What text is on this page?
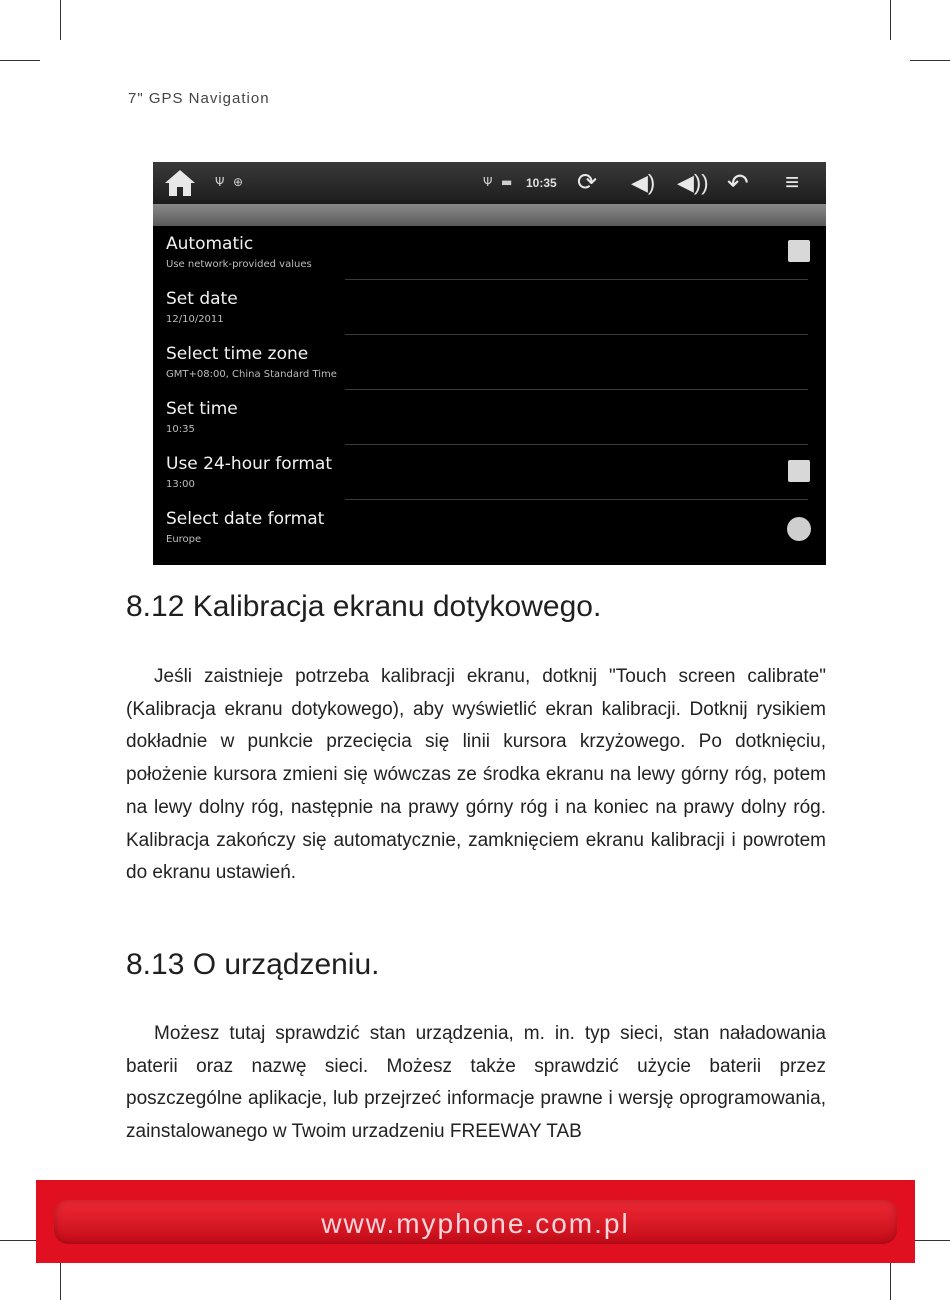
7" GPS Navigation
Ψ ⊕	Ψ ▬ 10:35 ⟳ ◀) ◀)) ↶ ≡
Automatic
Use network-provided values
Set date
12/10/2011
Select time zone
GMT+08:00, China Standard Time
Set time
10:35
Use 24-hour format
13:00
Select date format
Europe
8.12 Kalibracja ekranu dotykowego.
Jeśli zaistnieje potrzeba kalibracji ekranu, dotknij "Touch screen calibrate" (Kalibracja ekranu dotykowego), aby wyświetlić ekran kalibracji. Dotknij rysikiem dokładnie w punkcie przecięcia się linii kursora krzyżowego. Po dotknięciu, położenie kursora zmieni się wówczas ze środka ekranu na lewy górny róg, potem na lewy dolny róg, następnie na prawy górny róg i na koniec na prawy dolny róg. Kalibracja zakończy się automatycznie, zamknięciem ekranu kalibracji i powrotem do ekranu ustawień.
8.13 O urządzeniu.
Możesz tutaj sprawdzić stan urządzenia, m. in. typ sieci, stan naładowania baterii oraz nazwę sieci. Możesz także sprawdzić użycie baterii przez poszczególne aplikacje, lub przejrzeć informacje prawne i wersję oprogramowania, zainstalowanego w Twoim urzadzeniu FREEWAY TAB
www.myphone.com.pl
